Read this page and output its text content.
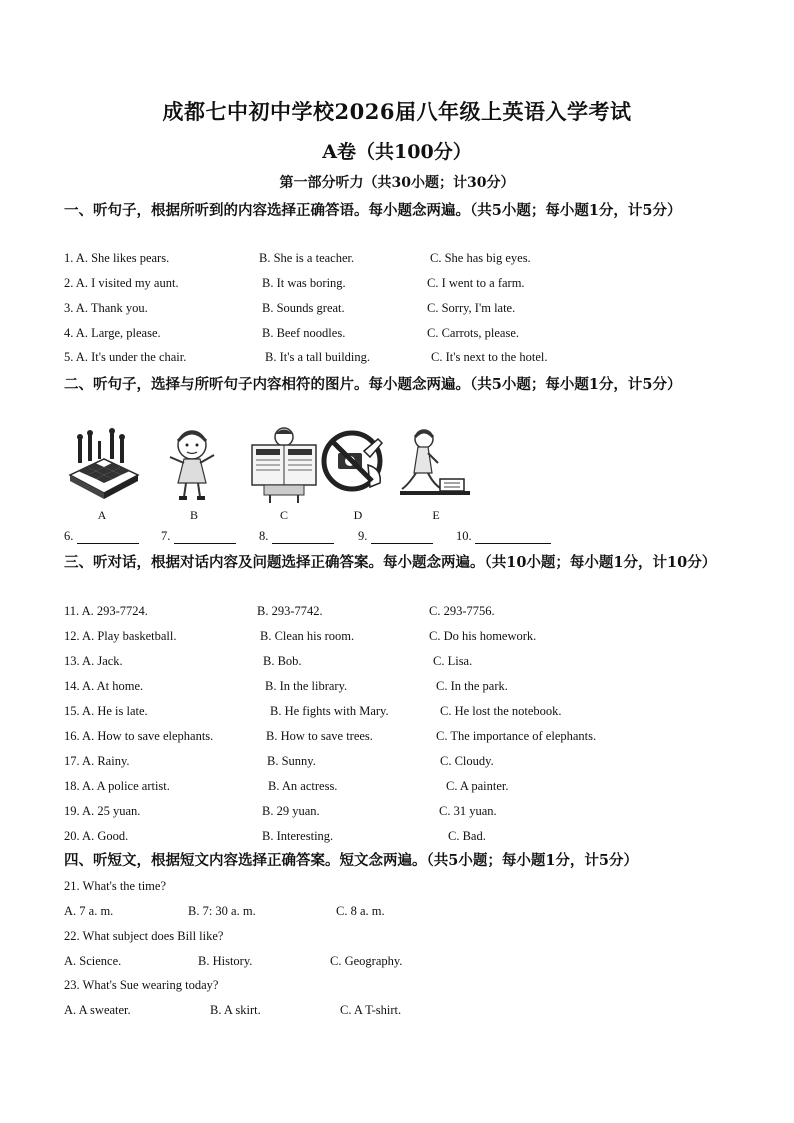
成都七中初中学校2026届八年级上英语入学考试
A卷（共100分）
第一部分听力（共30小题；计30分）
一、听句子，根据所听到的内容选择正确答语。每小题念两遍。（共5小题；每小题1分，计5分）
1. A. She likes pears.	B. She is a teacher.	C. She has big eyes.
2. A. I visited my aunt.	B. It was boring.	C. I went to a farm.
3. A. Thank you.	B. Sounds great.	C. Sorry, I'm late.
4. A. Large, please.	B. Beef noodles.	C. Carrots, please.
5. A. It's under the chair.	B. It's a tall building.	C. It's next to the hotel.
二、听句子，选择与所听句子内容相符的图片。每小题念两遍。（共5小题；每小题1分，计5分）
A	B	C	D	E
6.	7.	8.	9.	10.
三、听对话，根据对话内容及问题选择正确答案。每小题念两遍。（共10小题；每小题1分，计10分）
11. A. 293-7724.	B. 293-7742.	C. 293-7756.
12. A. Play basketball.	B. Clean his room.	C. Do his homework.
13. A. Jack.	B. Bob.	C. Lisa.
14. A. At home.	B. In the library.	C. In the park.
15. A. He is late.	B. He fights with Mary.	C. He lost the notebook.
16. A. How to save elephants.	B. How to save trees.	C. The importance of elephants.
17. A. Rainy.	B. Sunny.	C. Cloudy.
18. A. A police artist.	B. An actress.	C. A painter.
19. A. 25 yuan.	B. 29 yuan.	C. 31 yuan.
20. A. Good.	B. Interesting.	C. Bad.
四、听短文，根据短文内容选择正确答案。短文念两遍。（共5小题；每小题1分，计5分）
21. What's the time?
A. 7 a. m.	B. 7: 30 a. m.	C. 8 a. m.
22. What subject does Bill like?
A. Science.	B. History.	C. Geography.
23. What's Sue wearing today?
A. A sweater.	B. A skirt.	C. A T-shirt.
